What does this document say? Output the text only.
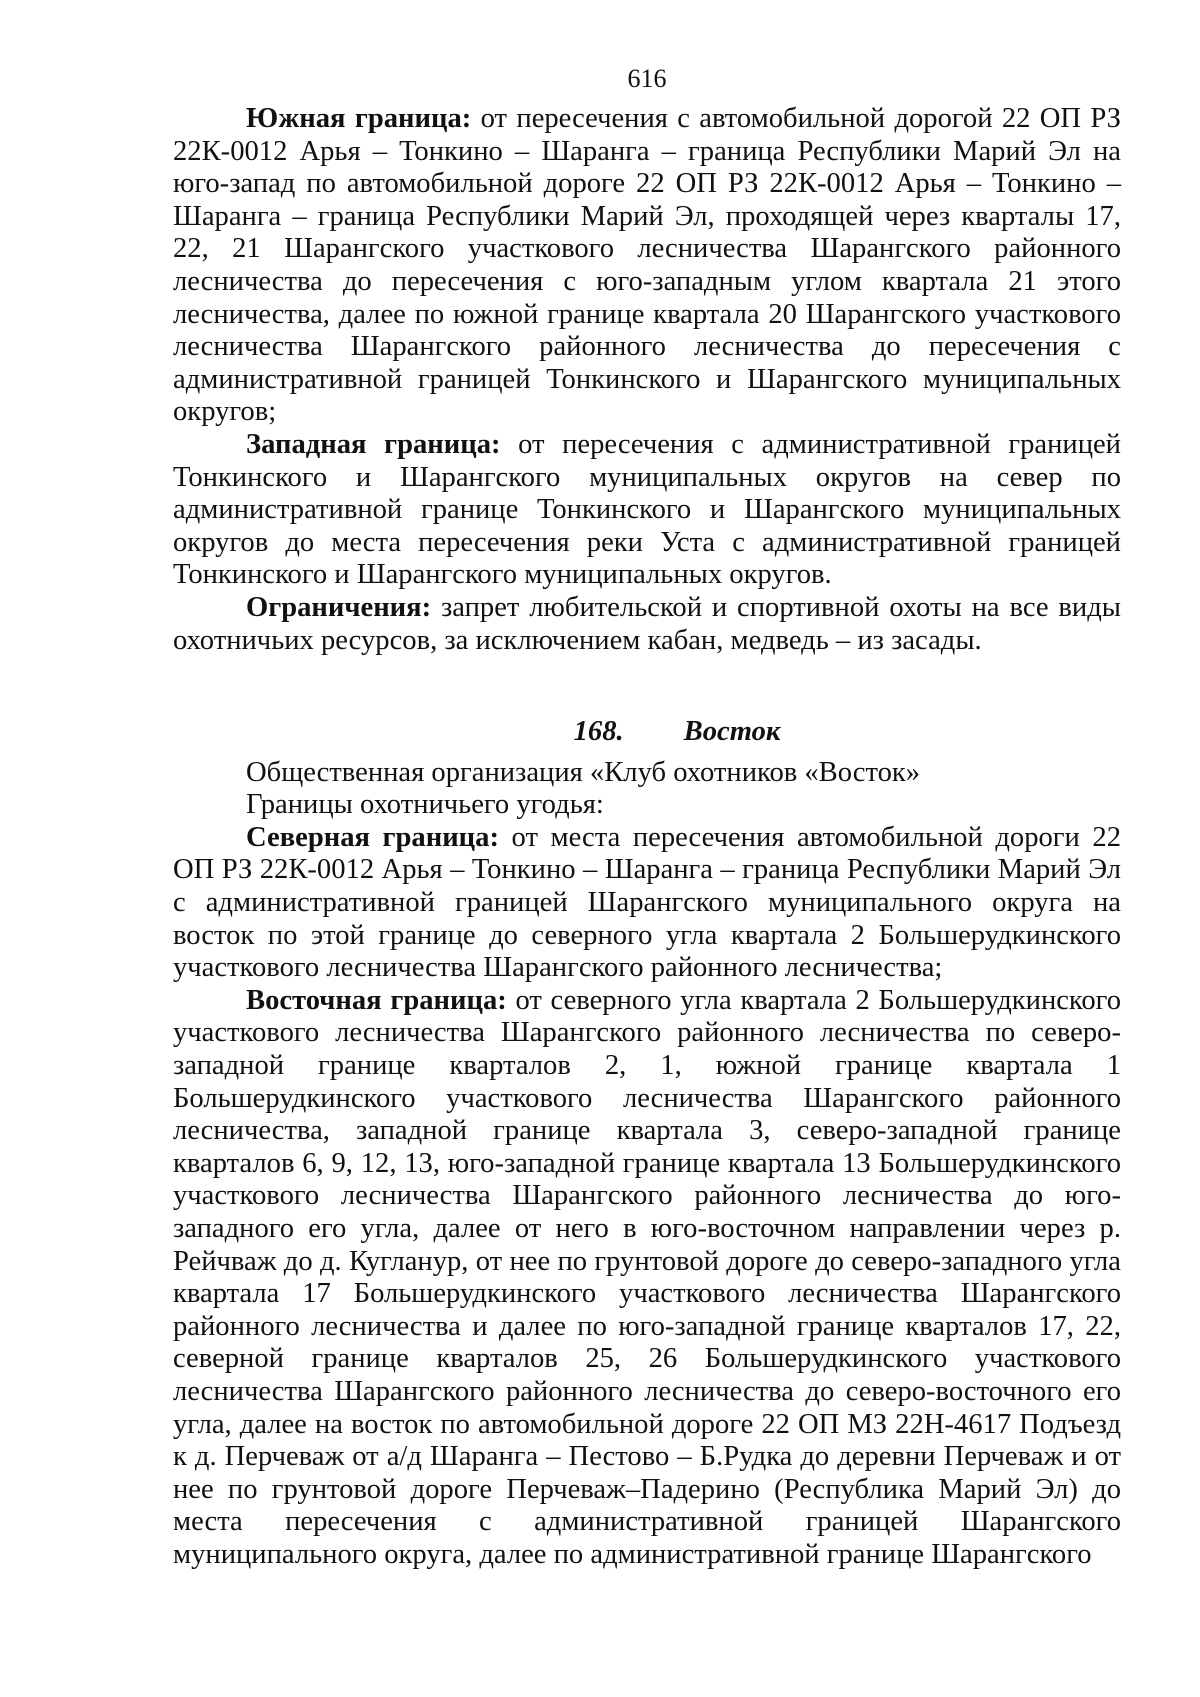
616

Южная граница: от пересечения с автомобильной дорогой 22 ОП РЗ 22К-0012 Арья – Тонкино – Шаранга – граница Республики Марий Эл на юго-запад по автомобильной дороге 22 ОП РЗ 22К-0012 Арья – Тонкино – Шаранга – граница Республики Марий Эл, проходящей через кварталы 17, 22, 21 Шарангского участкового лесничества Шарангского районного лесничества до пересечения с юго-западным углом квартала 21 этого лесничества, далее по южной границе квартала 20 Шарангского участкового лесничества Шарангского районного лесничества до пересечения с административной границей Тонкинского и Шарангского муниципальных округов;

Западная граница: от пересечения с административной границей Тонкинского и Шарангского муниципальных округов на север по административной границе Тонкинского и Шарангского муниципальных округов до места пересечения реки Уста с административной границей Тонкинского и Шарангского муниципальных округов.

Ограничения: запрет любительской и спортивной охоты на все виды охотничьих ресурсов, за исключением кабан, медведь – из засады.

168. Восток

Общественная организация «Клуб охотников «Восток»

Границы охотничьего угодья:

Северная граница: от места пересечения автомобильной дороги 22 ОП РЗ 22К-0012 Арья – Тонкино – Шаранга – граница Республики Марий Эл с административной границей Шарангского муниципального округа на восток по этой границе до северного угла квартала 2 Большерудкинского участкового лесничества Шарангского районного лесничества;

Восточная граница: от северного угла квартала 2 Большерудкинского участкового лесничества Шарангского районного лесничества по северо-западной границе кварталов 2, 1, южной границе квартала 1 Большерудкинского участкового лесничества Шарангского районного лесничества, западной границе квартала 3, северо-западной границе кварталов 6, 9, 12, 13, юго-западной границе квартала 13 Большерудкинского участкового лесничества Шарангского районного лесничества до юго-западного его угла, далее от него в юго-восточном направлении через р. Рейчваж до д. Кугланур, от нее по грунтовой дороге до северо-западного угла квартала 17 Большерудкинского участкового лесничества Шарангского районного лесничества и далее по юго-западной границе кварталов 17, 22, северной границе кварталов 25, 26 Большерудкинского участкового лесничества Шарангского районного лесничества до северо-восточного его угла, далее на восток по автомобильной дороге 22 ОП МЗ 22Н-4617 Подъезд к д. Перчеваж от а/д Шаранга – Пестово – Б.Рудка до деревни Перчеваж и от нее по грунтовой дороге Перчеваж–Падерино (Республика Марий Эл) до места пересечения с административной границей Шарангского муниципального округа, далее по административной границе Шарангского
